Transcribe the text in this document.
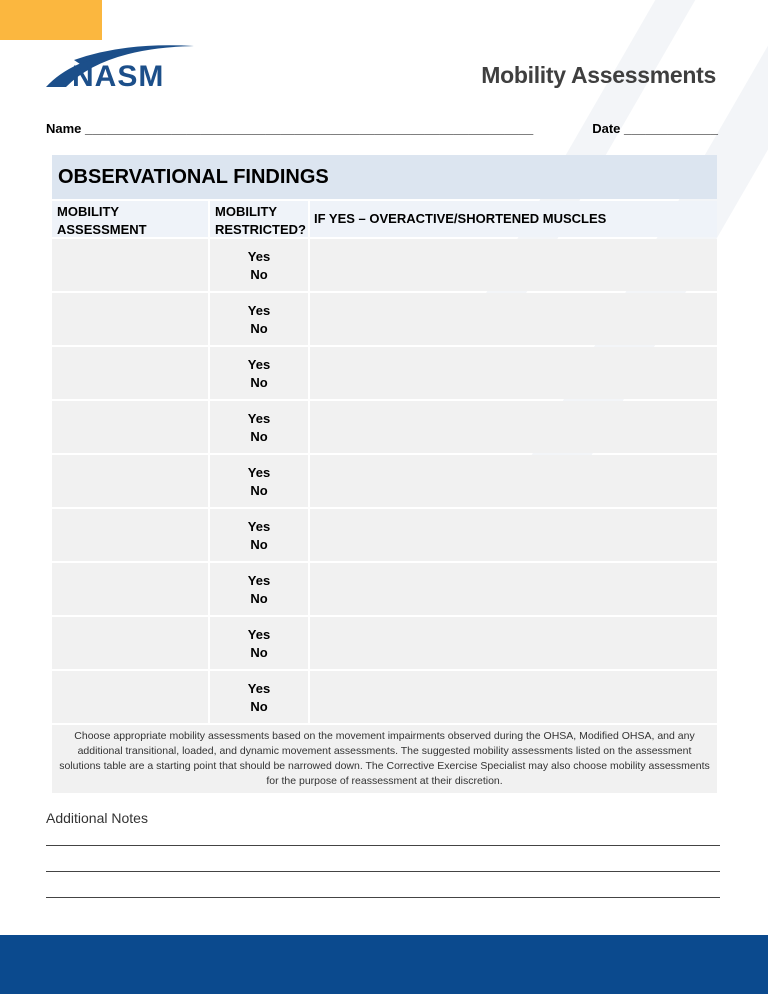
NASM	Mobility Assessments
Name ______________________________________________________________	Date _____________
OBSERVATIONAL FINDINGS
MOBILITY ASSESSMENT
MOBILITY RESTRICTED?
IF YES – OVERACTIVE/SHORTENED MUSCLES
Yes
No
Yes
No
Yes
No
Yes
No
Yes
No
Yes
No
Yes
No
Yes
No
Yes
No
Choose appropriate mobility assessments based on the movement impairments observed during the OHSA, Modified OHSA, and any additional transitional, loaded, and dynamic movement assessments. The suggested mobility assessments listed on the assessment solutions table are a starting point that should be narrowed down. The Corrective Exercise Specialist may also choose mobility assessments for the purpose of reassessment at their discretion.
Additional Notes
